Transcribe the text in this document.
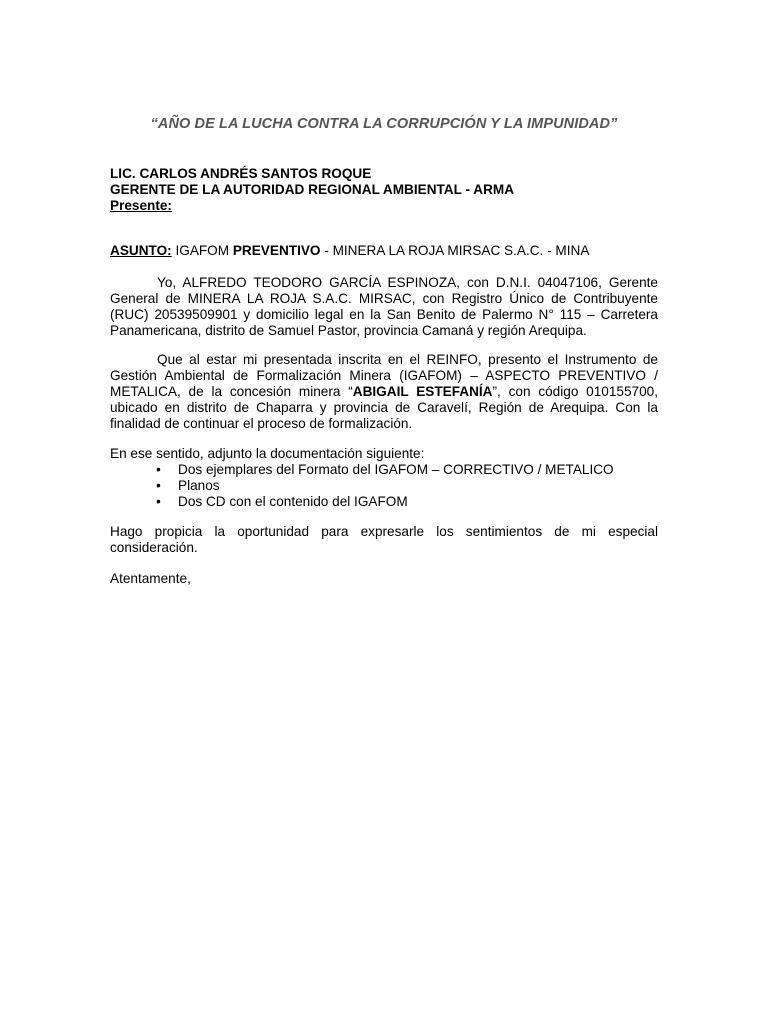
“AÑO DE LA LUCHA CONTRA LA CORRUPCIÓN Y LA IMPUNIDAD”
LIC. CARLOS ANDRÉS SANTOS ROQUE
GERENTE DE LA AUTORIDAD REGIONAL AMBIENTAL - ARMA
Presente:
ASUNTO: IGAFOM PREVENTIVO - MINERA LA ROJA MIRSAC S.A.C. - MINA
Yo, ALFREDO TEODORO GARCÍA ESPINOZA, con D.N.I. 04047106, Gerente General de MINERA LA ROJA S.A.C. MIRSAC, con Registro Único de Contribuyente (RUC) 20539509901 y domicilio legal en la San Benito de Palermo N° 115 – Carretera Panamericana, distrito de Samuel Pastor, provincia Camaná y región Arequipa.
Que al estar mi presentada inscrita en el REINFO, presento el Instrumento de Gestión Ambiental de Formalización Minera (IGAFOM) – ASPECTO PREVENTIVO / METALICA, de la concesión minera “ABIGAIL ESTEFANÍA”, con código 010155700, ubicado en distrito de Chaparra y provincia de Caravelí, Región de Arequipa. Con la finalidad de continuar el proceso de formalización.
En ese sentido, adjunto la documentación siguiente:
• Dos ejemplares del Formato del IGAFOM – CORRECTIVO / METALICO
• Planos
• Dos CD con el contenido del IGAFOM
Hago propicia la oportunidad para expresarle los sentimientos de mi especial consideración.
Atentamente,
